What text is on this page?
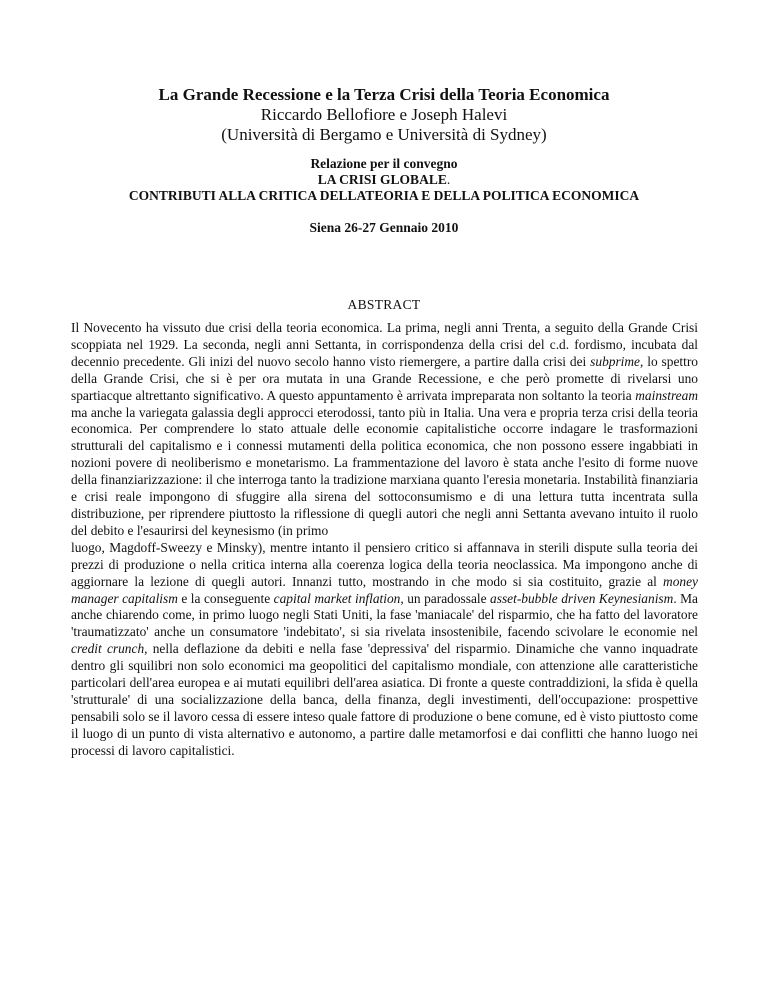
La Grande Recessione e la Terza Crisi della Teoria Economica
Riccardo Bellofiore e Joseph Halevi
(Università di Bergamo e Università di Sydney)
Relazione per il convegno
LA CRISI GLOBALE.
CONTRIBUTI ALLA CRITICA DELLATEORIA E DELLA POLITICA ECONOMICA
Siena 26-27 Gennaio 2010
ABSTRACT
Il Novecento ha vissuto due crisi della teoria economica. La prima, negli anni Trenta, a seguito della Grande Crisi scoppiata nel 1929. La seconda, negli anni Settanta, in corrispondenza della crisi del c.d. fordismo, incubata dal decennio precedente. Gli inizi del nuovo secolo hanno visto riemergere, a partire dalla crisi dei subprime, lo spettro della Grande Crisi, che si è per ora mutata in una Grande Recessione, e che però promette di rivelarsi uno spartiacque altrettanto significativo. A questo appuntamento è arrivata impreparata non soltanto la teoria mainstream ma anche la variegata galassia degli approcci eterodossi, tanto più in Italia. Una vera e propria terza crisi della teoria economica. Per comprendere lo stato attuale delle economie capitalistiche occorre indagare le trasformazioni strutturali del capitalismo e i connessi mutamenti della politica economica, che non possono essere ingabbiati in nozioni povere di neoliberismo e monetarismo. La frammentazione del lavoro è stata anche l'esito di forme nuove della finanziarizzazione: il che interroga tanto la tradizione marxiana quanto l'eresia monetaria. Instabilità finanziaria e crisi reale impongono di sfuggire alla sirena del sottoconsumismo e di una lettura tutta incentrata sulla distribuzione, per riprendere piuttosto la riflessione di quegli autori che negli anni Settanta avevano intuito il ruolo del debito e l'esaurirsi del keynesismo (in primo
luogo, Magdoff-Sweezy e Minsky), mentre intanto il pensiero critico si affannava in sterili dispute sulla teoria dei prezzi di produzione o nella critica interna alla coerenza logica della teoria neoclassica. Ma impongono anche di aggiornare la lezione di quegli autori. Innanzi tutto, mostrando in che modo si sia costituito, grazie al money manager capitalism e la conseguente capital market inflation, un paradossale asset-bubble driven Keynesianism. Ma anche chiarendo come, in primo luogo negli Stati Uniti, la fase 'maniacale' del risparmio, che ha fatto del lavoratore 'traumatizzato' anche un consumatore 'indebitato', si sia rivelata insostenibile, facendo scivolare le economie nel credit crunch, nella deflazione da debiti e nella fase 'depressiva' del risparmio. Dinamiche che vanno inquadrate dentro gli squilibri non solo economici ma geopolitici del capitalismo mondiale, con attenzione alle caratteristiche particolari dell'area europea e ai mutati equilibri dell'area asiatica. Di fronte a queste contraddizioni, la sfida è quella 'strutturale' di una socializzazione della banca, della finanza, degli investimenti, dell'occupazione: prospettive pensabili solo se il lavoro cessa di essere inteso quale fattore di produzione o bene comune, ed è visto piuttosto come il luogo di un punto di vista alternativo e autonomo, a partire dalle metamorfosi e dai conflitti che hanno luogo nei processi di lavoro capitalistici.
